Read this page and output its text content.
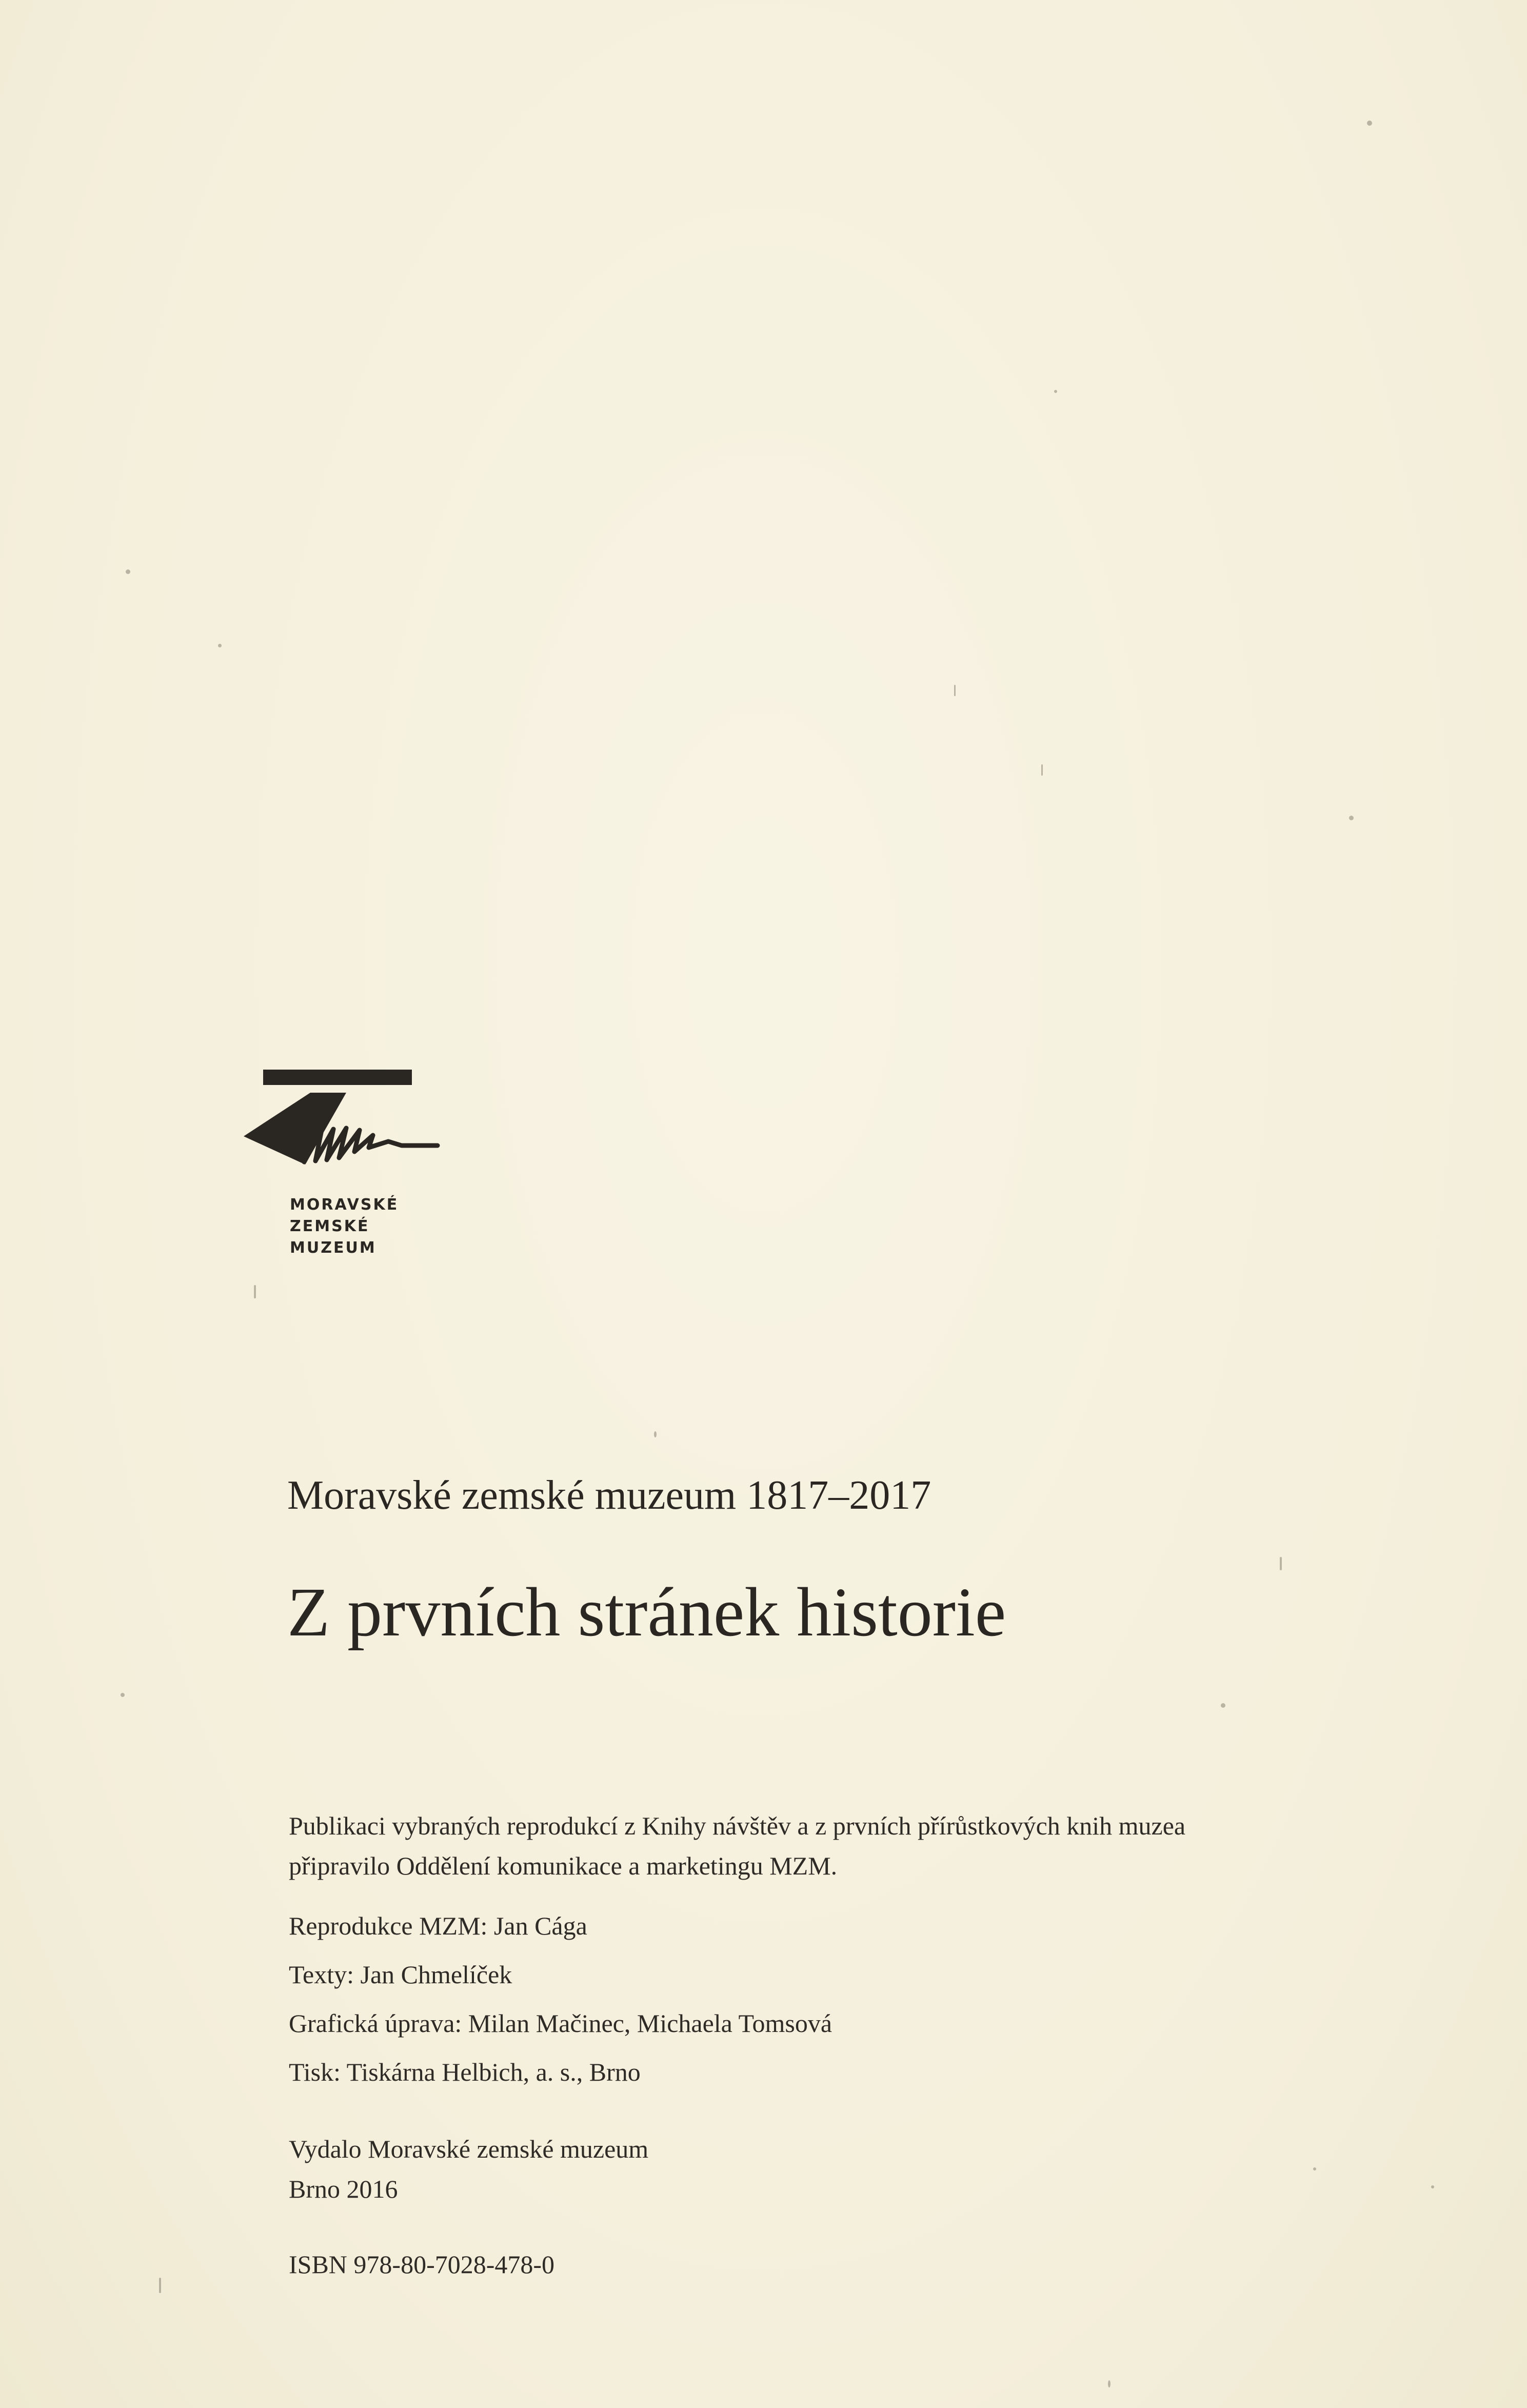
MORAVSKÉ
ZEMSKÉ
MUZEUM
Moravské zemské muzeum 1817–2017
Z prvních stránek historie
Publikaci vybraných reprodukcí z Knihy návštěv a z prvních přírůstkových knih muzea
připravilo Oddělení komunikace a marketingu MZM.
Reprodukce MZM: Jan Cága
Texty: Jan Chmelíček
Grafická úprava: Milan Mačinec, Michaela Tomsová
Tisk: Tiskárna Helbich, a. s., Brno
Vydalo Moravské zemské muzeum
Brno 2016
ISBN 978-80-7028-478-0
